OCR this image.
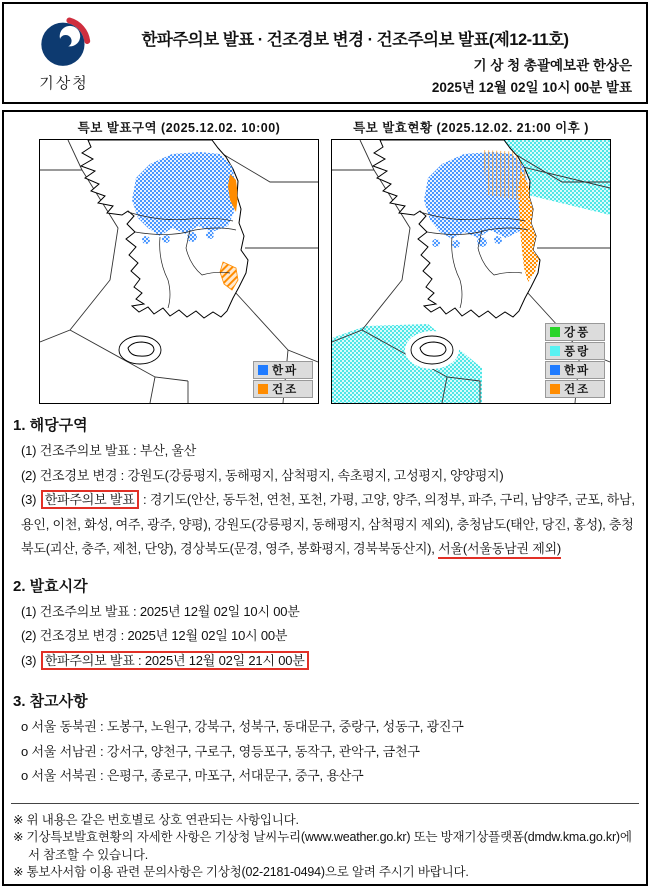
기상청
한파주의보 발표 · 건조경보 변경 · 건조주의보 발표(제12-11호)
기 상 청 총괄예보관 한상은
2025년 12월 02일 10시 00분 발표
특보 발표구역 (2025.12.02. 10:00)
한파
건조
특보 발효현황 (2025.12.02. 21:00 이후 )
강풍
풍랑
한파
건조
1. 해당구역
(1) 건조주의보 발표 : 부산, 울산
(2) 건조경보 변경 : 강원도(강릉평지, 동해평지, 삼척평지, 속초평지, 고성평지, 양양평지)
(3) 한파주의보 발표 : 경기도(안산, 동두천, 연천, 포천, 가평, 고양, 양주, 의정부, 파주, 구리, 남양주, 군포, 하남, 용인, 이천, 화성, 여주, 광주, 양평), 강원도(강릉평지, 동해평지, 삼척평지 제외), 충청남도(태안, 당진, 홍성), 충청북도(괴산, 충주, 제천, 단양), 경상북도(문경, 영주, 봉화평지, 경북북동산지), 서울(서울동남권 제외)
2. 발효시각
(1) 건조주의보 발표 : 2025년 12월 02일 10시 00분
(2) 건조경보 변경 : 2025년 12월 02일 10시 00분
(3) 한파주의보 발표 : 2025년 12월 02일 21시 00분
3. 참고사항
o 서울 동북권 : 도봉구, 노원구, 강북구, 성북구, 동대문구, 중랑구, 성동구, 광진구
o 서울 서남권 : 강서구, 양천구, 구로구, 영등포구, 동작구, 관악구, 금천구
o 서울 서북권 : 은평구, 종로구, 마포구, 서대문구, 중구, 용산구
※ 위 내용은 같은 번호별로 상호 연관되는 사항입니다.
※ 기상특보발효현황의 자세한 사항은 기상청 날씨누리(www.weather.go.kr) 또는 방재기상플랫폼(dmdw.kma.go.kr)에서 참조할 수 있습니다.
※ 통보사서함 이용 관련 문의사항은 기상청(02-2181-0494)으로 알려 주시기 바랍니다.
